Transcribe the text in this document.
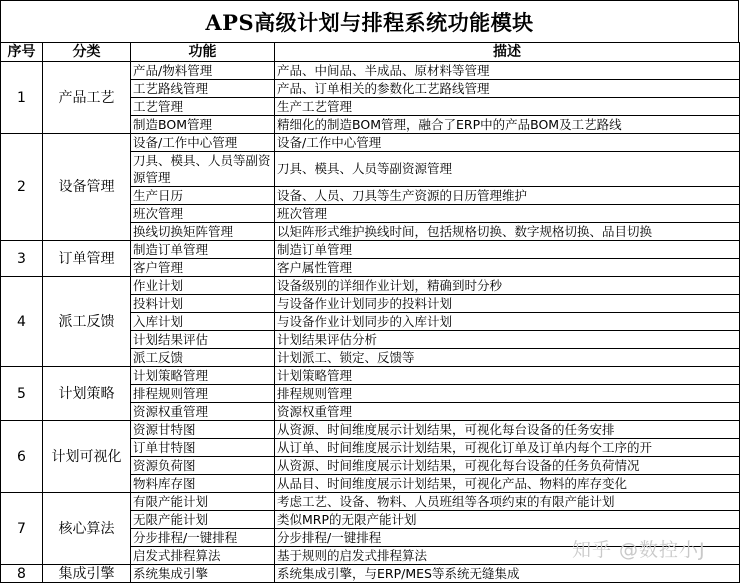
APS高级计划与排程系统功能模块
序号	分类	功能	描述
1	产品工艺	产品/物料管理	产品、中间品、半成品、原材料等管理
		工艺路线管理	产品、订单相关的参数化工艺路线管理
		工艺管理	生产工艺管理
		制造BOM管理	精细化的制造BOM管理，融合了ERP中的产品BOM及工艺路线
2	设备管理	设备/工作中心管理	设备/工作中心管理
		刀具、模具、人员等副资源管理	刀具、模具、人员等副资源管理
		生产日历	设备、人员、刀具等生产资源的日历管理维护
		班次管理	班次管理
		换线切换矩阵管理	以矩阵形式维护换线时间，包括规格切换、数字规格切换、品目切换
3	订单管理	制造订单管理	制造订单管理
		客户管理	客户属性管理
4	派工反馈	作业计划	设备级别的详细作业计划，精确到时分秒
		投料计划	与设备作业计划同步的投料计划
		入库计划	与设备作业计划同步的入库计划
		计划结果评估	计划结果评估分析
		派工反馈	计划派工、锁定、反馈等
5	计划策略	计划策略管理	计划策略管理
		排程规则管理	排程规则管理
		资源权重管理	资源权重管理
6	计划可视化	资源甘特图	从资源、时间维度展示计划结果，可视化每台设备的任务安排
		订单甘特图	从订单、时间维度展示计划结果，可视化订单及订单内每个工序的开
		资源负荷图	从资源、时间维度展示计划结果，可视化每台设备的任务负荷情况
		物料库存图	从品目、时间维度展示计划结果，可视化产品、物料的库存变化
7	核心算法	有限产能计划	考虑工艺、设备、物料、人员班组等各项约束的有限产能计划
		无限产能计划	类似MRP的无限产能计划
		分步排程/一键排程	分步排程/一键排程
		启发式排程算法	基于规则的启发式排程算法
8	集成引擎	系统集成引擎	系统集成引擎，与ERP/MES等系统无缝集成
知乎 @数控小J
